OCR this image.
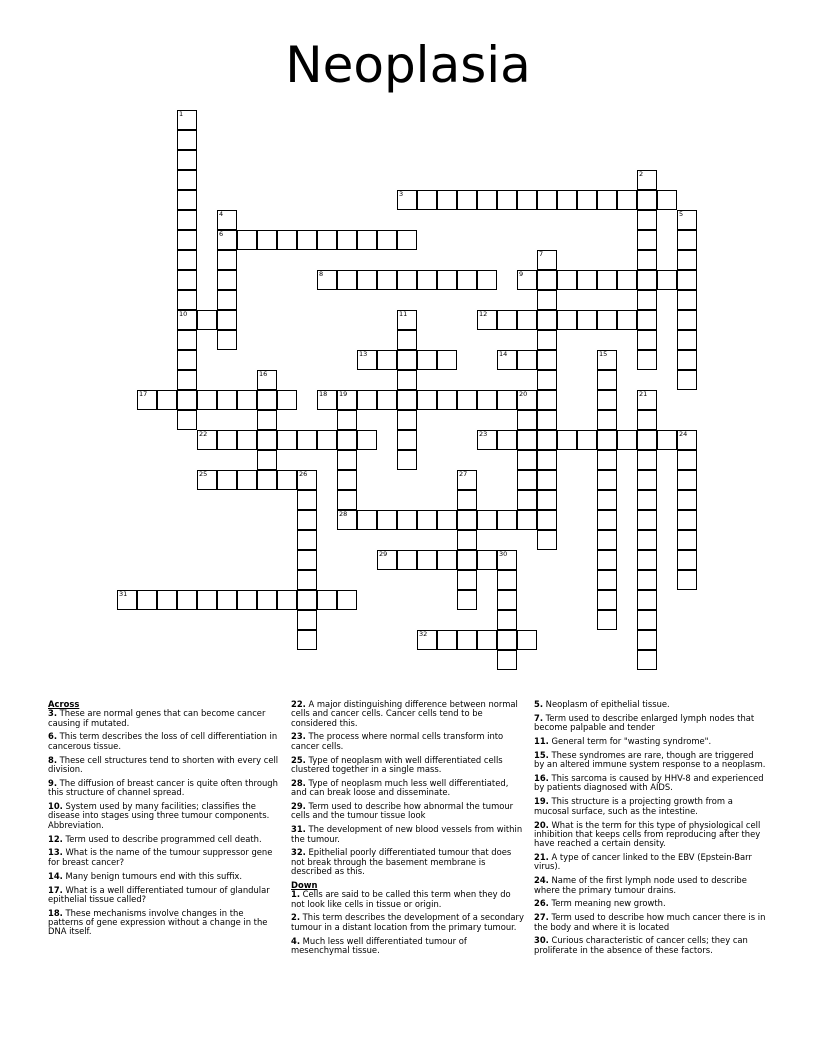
Neoplasia
1
10
2
3
4
6
5
7
8	9
11	12
13	14	15
16
17	18 19	20	21
22	23	24
25	26	27
28
29	30
31
32
Across
3. These are normal genes that can become cancer causing if mutated.
6. This term describes the loss of cell differentiation in cancerous tissue.
8. These cell structures tend to shorten with every cell division.
9. The diffusion of breast cancer is quite often through this structure of channel spread.
10. System used by many facilities; classifies the disease into stages using three tumour components. Abbreviation.
12. Term used to describe programmed cell death.
13. What is the name of the tumour suppressor gene for breast cancer?
14. Many benign tumours end with this suffix.
17. What is a well differentiated tumour of glandular epithelial tissue called?
18. These mechanisms involve changes in the patterns of gene expression without a change in the DNA itself.
22. A major distinguishing difference between normal cells and cancer cells. Cancer cells tend to be considered this.
23. The process where normal cells transform into cancer cells.
25. Type of neoplasm with well differentiated cells clustered together in a single mass.
28. Type of neoplasm much less well differentiated, and can break loose and disseminate.
29. Term used to describe how abnormal the tumour cells and the tumour tissue look
31. The development of new blood vessels from within the tumour.
32. Epithelial poorly differentiated tumour that does not break through the basement membrane is described as this.
Down
1. Cells are said to be called this term when they do not look like cells in tissue or origin.
2. This term describes the development of a secondary tumour in a distant location from the primary tumour.
4. Much less well differentiated tumour of mesenchymal tissue.
5. Neoplasm of epithelial tissue.
7. Term used to describe enlarged lymph nodes that become palpable and tender
11. General term for "wasting syndrome".
15. These syndromes are rare, though are triggered by an altered immune system response to a neoplasm.
16. This sarcoma is caused by HHV-8 and experienced by patients diagnosed with AIDS.
19. This structure is a projecting growth from a mucosal surface, such as the intestine.
20. What is the term for this type of physiological cell inhibition that keeps cells from reproducing after they have reached a certain density.
21. A type of cancer linked to the EBV (Epstein-Barr virus).
24. Name of the first lymph node used to describe where the primary tumour drains.
26. Term meaning new growth.
27. Term used to describe how much cancer there is in the body and where it is located
30. Curious characteristic of cancer cells; they can proliferate in the absence of these factors.
